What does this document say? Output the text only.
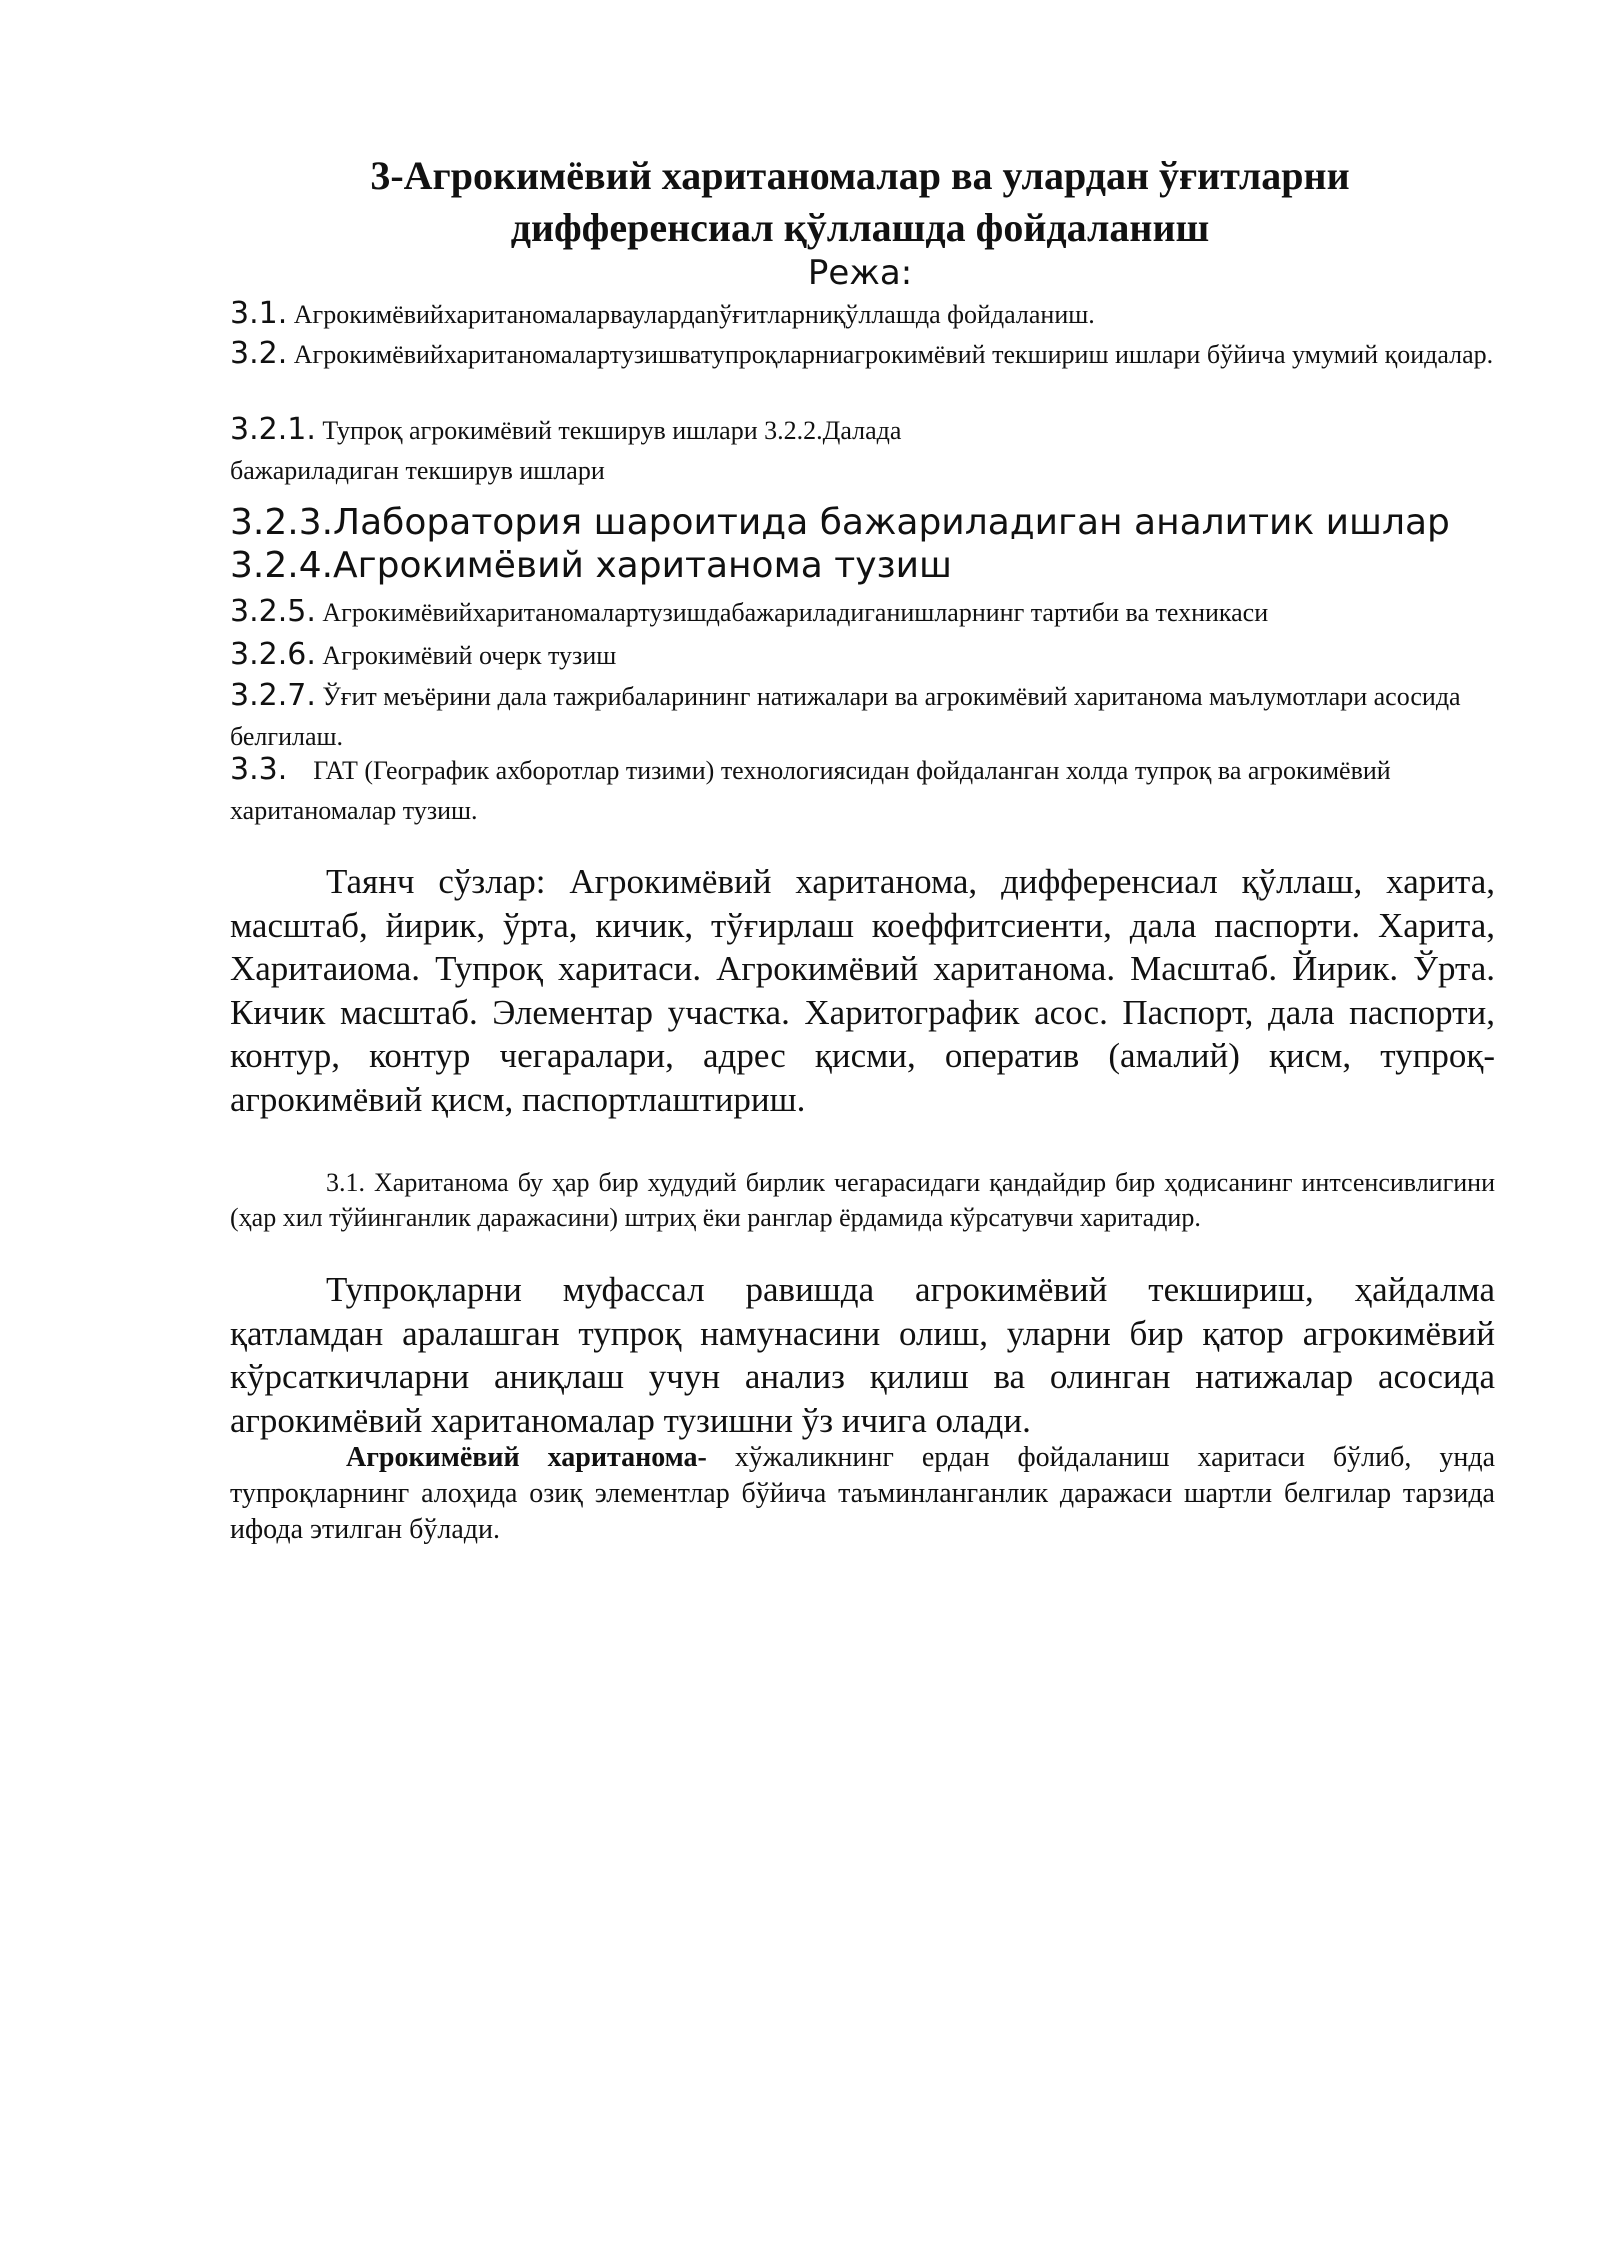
3-Агрокимёвий хаританомалар ва улардан ўғитларни
дифференсиал қўллашда фойдаланиш

Режа:

3.1. Агрокимёвийхаританомаларваулардanўғитларниқўллашда фойдаланиш.

3.2. Агрокимёвийхаританомалартузишватупроқларниагрокимёвий текшириш ишлари бўйича умумий қоидалар.

3.2.1. Тупроқ агрокимёвий текширув ишлари 3.2.2.Далада
бажариладиган текширув ишлари

3.2.3.Лаборатория шароитида бажариладиган аналитик ишлар

3.2.4.Агрокимёвий хаританома тузиш

3.2.5. Агрокимёвийхаританомалартузишдабажариладиганишларнинг тартиби ва техникаси

3.2.6. Агрокимёвий очерк тузиш

3.2.7. Ўғит меъёрини дала тажрибаларининг натижалари ва агрокимёвий хаританома маълумотлари асосида белгилаш.

3.3.    ГАТ (Географик ахборотлар тизими) технологиясидан фойдаланган холда тупроқ ва агрокимёвий хаританомалар тузиш.

Таянч сўзлар: Агрокимёвий хаританома, дифференсиал қўллаш, харита, масштаб, йирик, ўрта, кичик, тўғирлаш коеффитсиенти, дала паспорти. Харита, Харитаиома. Тупроқ харитаси. Агрокимёвий хаританома. Масштаб. Йирик. Ўрта. Кичик масштаб. Элементар участка. Харитографик асос. Паспорт, дала паспорти, контур, контур чегаралари, адрес қисми, оператив (амалий) қисм, тупроқ-агрокимёвий қисм, паспортлаштириш.

3.1. Хаританома бу ҳар бир худудий бирлик чегарасидаги қандайдир бир ҳодисанинг интсенсивлигини (ҳар хил тўйинганлик даражасини) штриҳ ёки ранглар ёрдамида кўрсатувчи харитадир.

Тупроқларни муфассал равишда агрокимёвий текшириш, ҳайдалма қатламдан аралашган тупроқ намунасини олиш, уларни бир қатор агрокимёвий кўрсаткичларни аниқлаш учун анализ қилиш ва олинган натижалар асосида агрокимёвий хаританомалар тузишни ўз ичига олади.

Агрокимёвий хаританома- хўжаликнинг ердан фойдаланиш харитаси бўлиб, унда тупроқларнинг алоҳида озиқ элементлар бўйича таъминланганлик даражаси шартли белгилар тарзида ифода этилган бўлади.
